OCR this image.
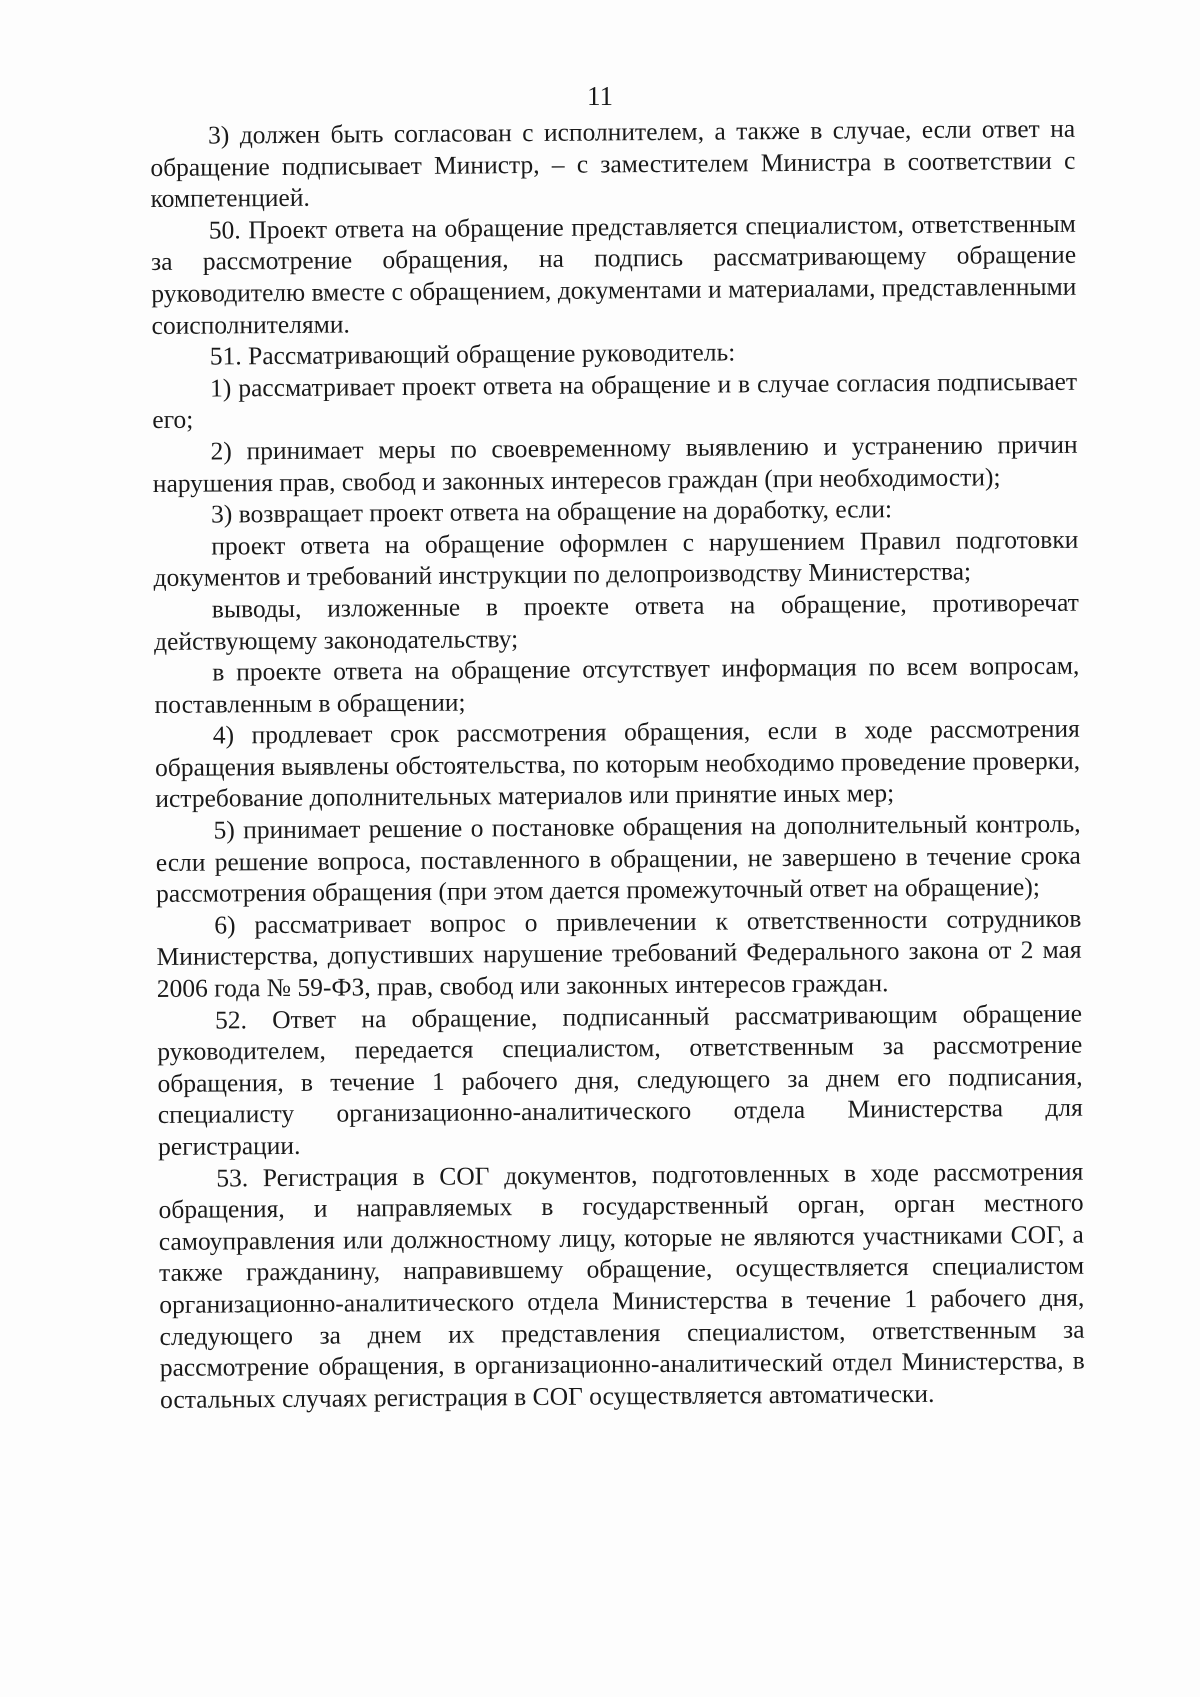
11

3) должен быть согласован с исполнителем, а также в случае, если ответ на обращение подписывает Министр, – с заместителем Министра в соответствии с компетенцией.

50. Проект ответа на обращение представляется специалистом, ответственным за рассмотрение обращения, на подпись рассматривающему обращение руководителю вместе с обращением, документами и материалами, представленными соисполнителями.

51. Рассматривающий обращение руководитель:

1) рассматривает проект ответа на обращение и в случае согласия подписывает его;

2) принимает меры по своевременному выявлению и устранению причин нарушения прав, свобод и законных интересов граждан (при необходимости);

3) возвращает проект ответа на обращение на доработку, если:

проект ответа на обращение оформлен с нарушением Правил подготовки документов и требований инструкции по делопроизводству Министерства;

выводы, изложенные в проекте ответа на обращение, противоречат действующему законодательству;

в проекте ответа на обращение отсутствует информация по всем вопросам, поставленным в обращении;

4) продлевает срок рассмотрения обращения, если в ходе рассмотрения обращения выявлены обстоятельства, по которым необходимо проведение проверки, истребование дополнительных материалов или принятие иных мер;

5) принимает решение о постановке обращения на дополнительный контроль, если решение вопроса, поставленного в обращении, не завершено в течение срока рассмотрения обращения (при этом дается промежуточный ответ на обращение);

6) рассматривает вопрос о привлечении к ответственности сотрудников Министерства, допустивших нарушение требований Федерального закона от 2 мая 2006 года № 59-ФЗ, прав, свобод или законных интересов граждан.

52. Ответ на обращение, подписанный рассматривающим обращение руководителем, передается специалистом, ответственным за рассмотрение обращения, в течение 1 рабочего дня, следующего за днем его подписания, специалисту организационно-аналитического отдела Министерства для регистрации.

53. Регистрация в СОГ документов, подготовленных в ходе рассмотрения обращения, и направляемых в государственный орган, орган местного самоуправления или должностному лицу, которые не являются участниками СОГ, а также гражданину, направившему обращение, осуществляется специалистом организационно-аналитического отдела Министерства в течение 1 рабочего дня, следующего за днем их представления специалистом, ответственным за рассмотрение обращения, в организационно-аналитический отдел Министерства, в остальных случаях регистрация в СОГ осуществляется автоматически.
